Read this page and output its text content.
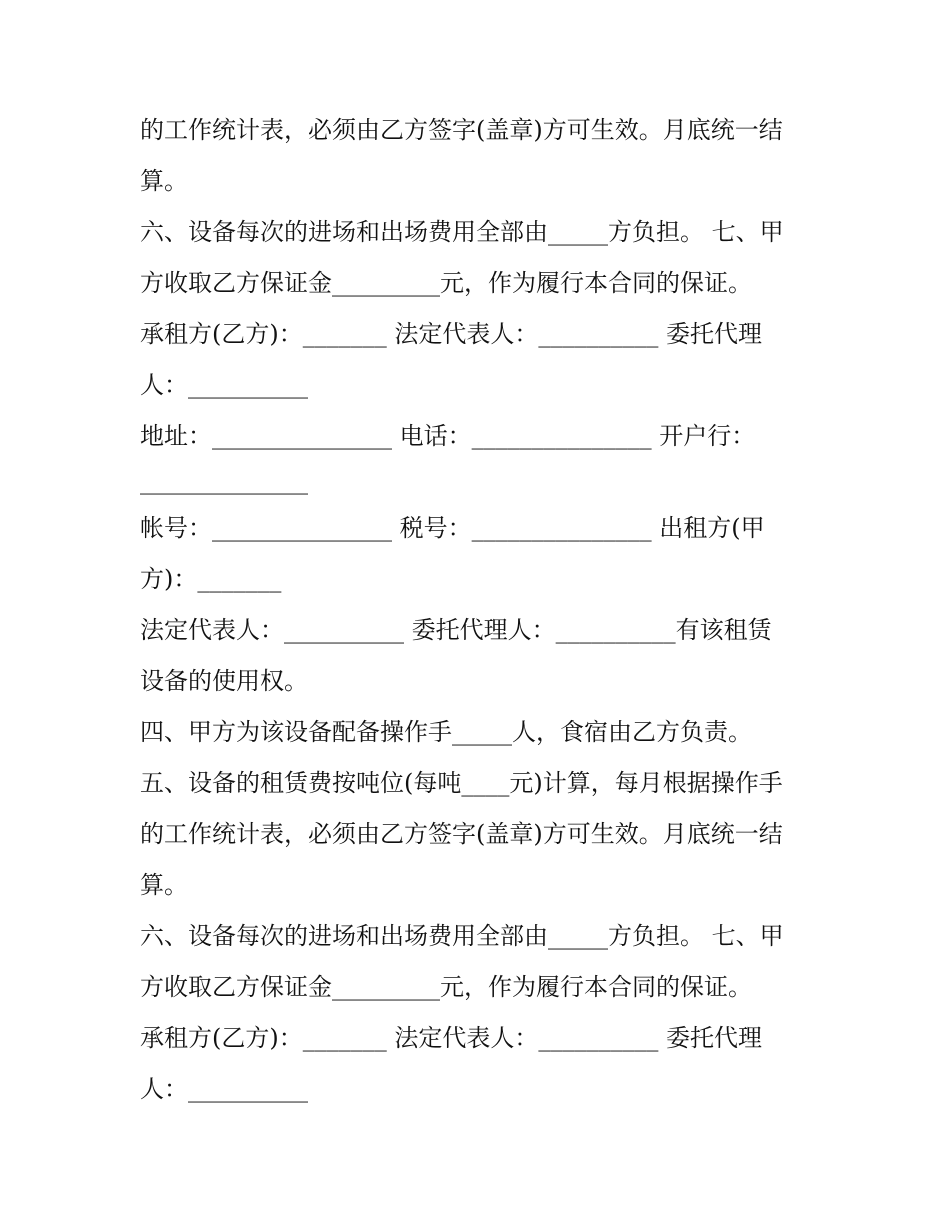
的工作统计表，必须由乙方签字(盖章)方可生效。月底统一结
算。
六、设备每次的进场和出场费用全部由_____方负担。 七、甲
方收取乙方保证金_________元，作为履行本合同的保证。
承租方(乙方)：_______ 法定代表人：__________ 委托代理
人：__________
地址：_______________ 电话：_______________ 开户行：
______________
帐号：_______________ 税号：_______________ 出租方(甲
方)：_______
法定代表人：__________ 委托代理人：__________有该租赁
设备的使用权。
四、甲方为该设备配备操作手_____人，食宿由乙方负责。
五、设备的租赁费按吨位(每吨____元)计算，每月根据操作手
的工作统计表，必须由乙方签字(盖章)方可生效。月底统一结
算。
六、设备每次的进场和出场费用全部由_____方负担。 七、甲
方收取乙方保证金_________元，作为履行本合同的保证。
承租方(乙方)：_______ 法定代表人：__________ 委托代理
人：__________
